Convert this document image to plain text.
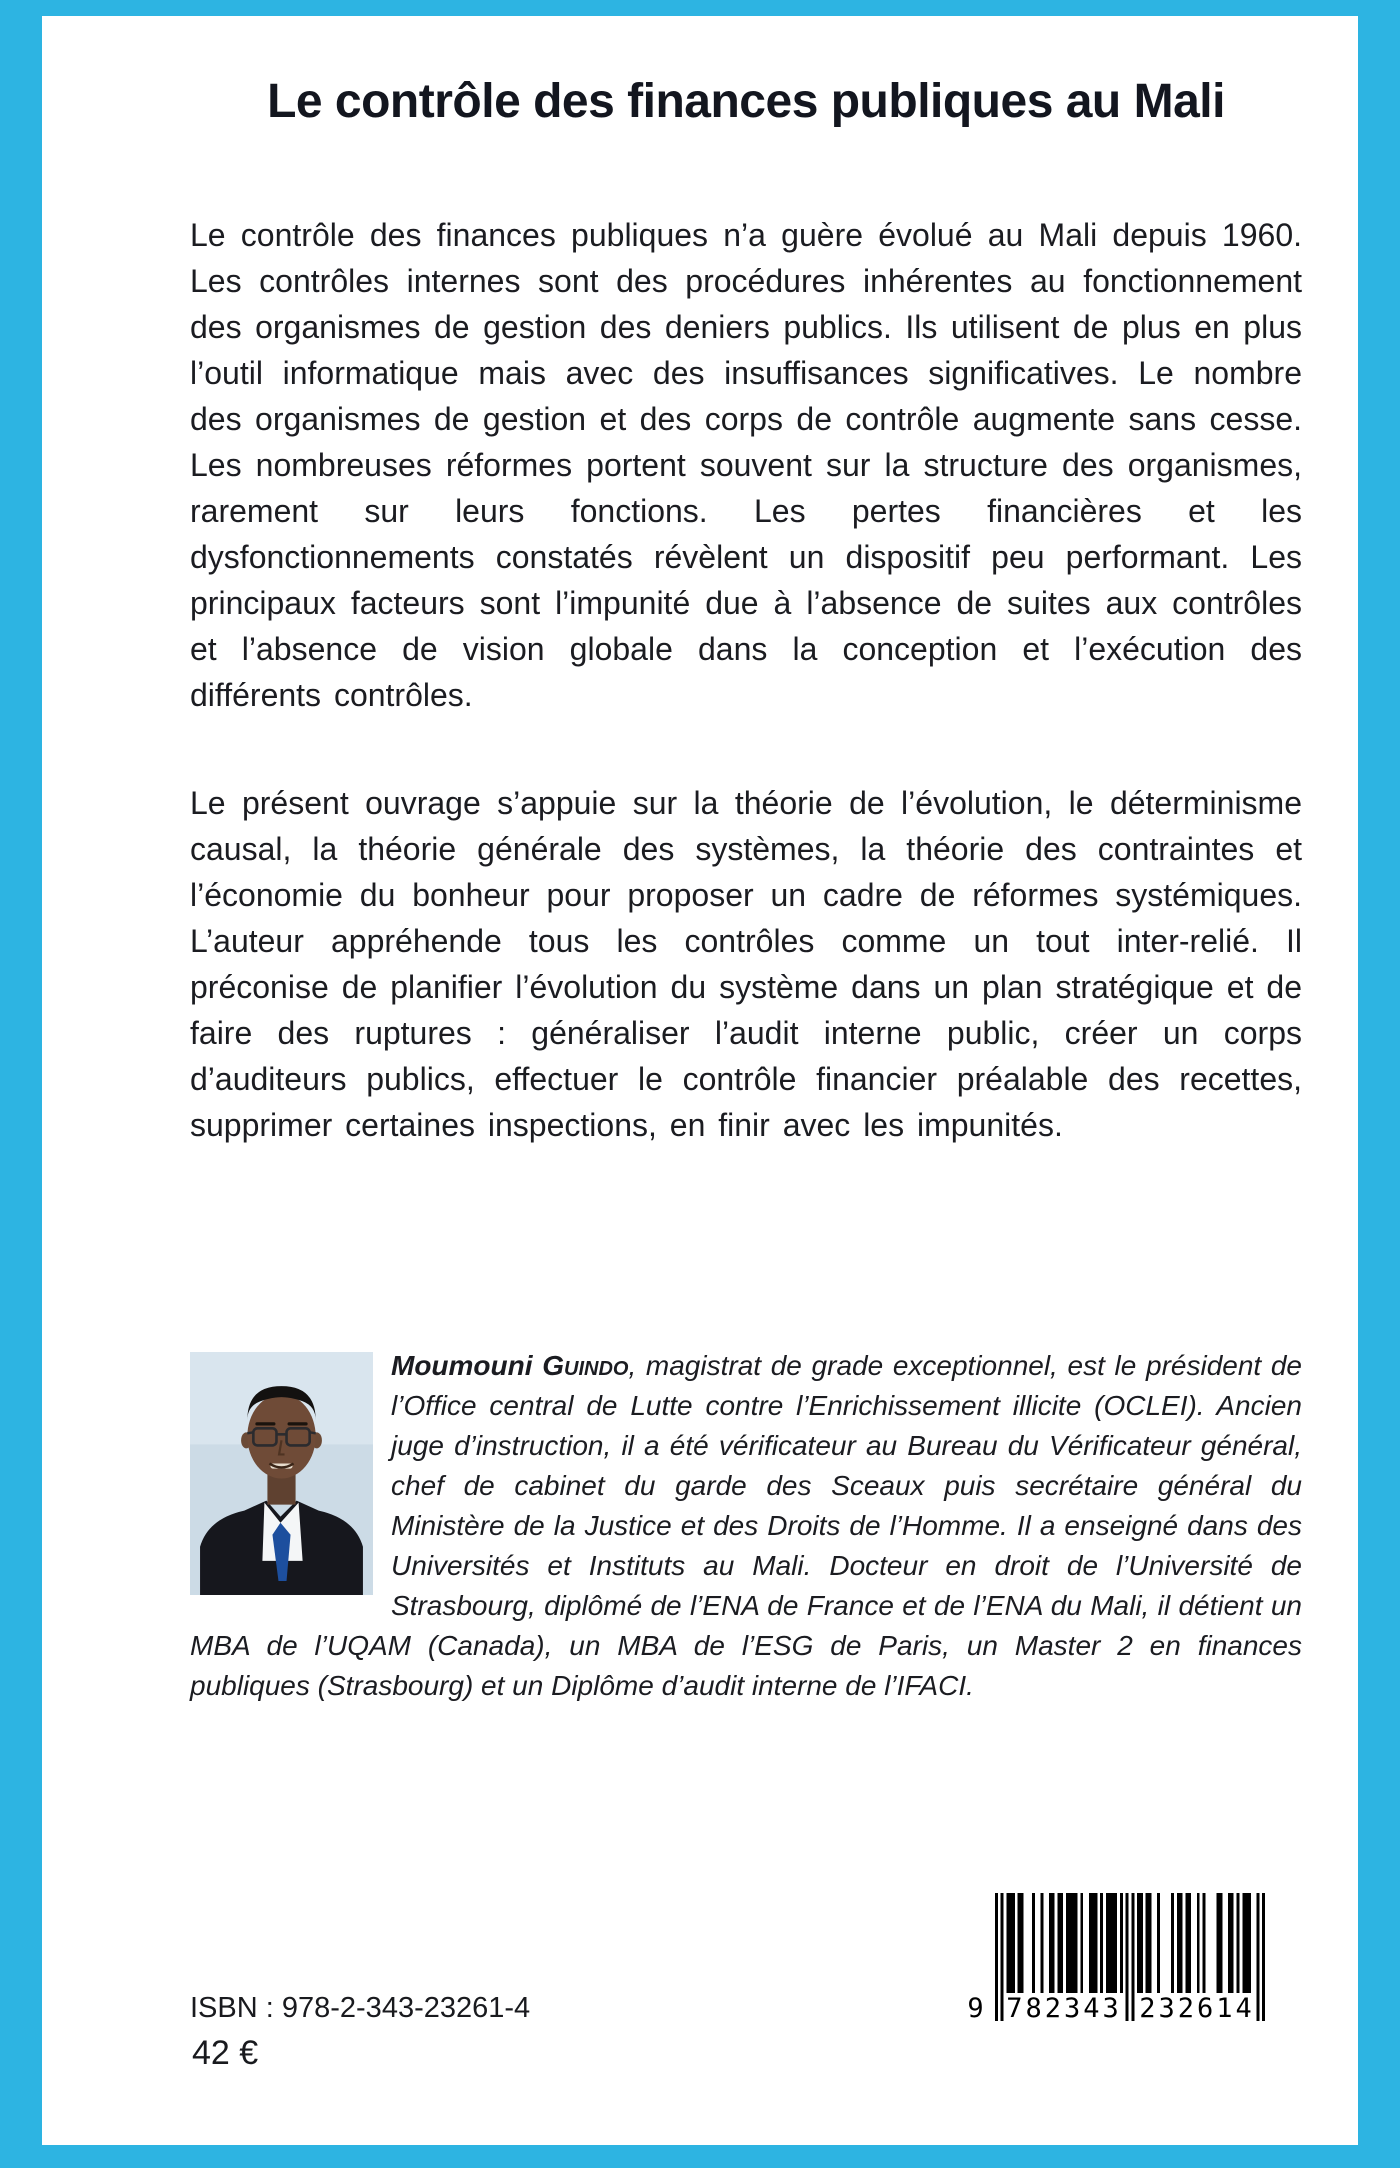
Le contrôle des finances publiques au Mali

Le contrôle des finances publiques n’a guère évolué au Mali depuis 1960. Les contrôles internes sont des procédures inhérentes au fonctionnement des organismes de gestion des deniers publics. Ils utilisent de plus en plus l’outil informatique mais avec des insuffisances significatives. Le nombre des organismes de gestion et des corps de contrôle augmente sans cesse. Les nombreuses réformes portent souvent sur la structure des organismes, rarement sur leurs fonctions. Les pertes financières et les dysfonctionnements constatés révèlent un dispositif peu performant. Les principaux facteurs sont l’impunité due à l’absence de suites aux contrôles et l’absence de vision globale dans la conception et l’exécution des différents contrôles.

Le présent ouvrage s’appuie sur la théorie de l’évolution, le déterminisme causal, la théorie générale des systèmes, la théorie des contraintes et l’économie du bonheur pour proposer un cadre de réformes systémiques. L’auteur appréhende tous les contrôles comme un tout inter-relié. Il préconise de planifier l’évolution du système dans un plan stratégique et de faire des ruptures : généraliser l’audit interne public, créer un corps d’auditeurs publics, effectuer le contrôle financier préalable des recettes, supprimer certaines inspections, en finir avec les impunités.

Moumouni Guindo, magistrat de grade exceptionnel, est le président de l’Office central de Lutte contre l’Enrichissement illicite (OCLEI). Ancien juge d’instruction, il a été vérificateur au Bureau du Vérificateur général, chef de cabinet du garde des Sceaux puis secrétaire général du Ministère de la Justice et des Droits de l’Homme. Il a enseigné dans des Universités et Instituts au Mali. Docteur en droit de l’Université de Strasbourg, diplômé de l’ENA de France et de l’ENA du Mali, il détient un MBA de l’UQAM (Canada), un MBA de l’ESG de Paris, un Master 2 en finances publiques (Strasbourg) et un Diplôme d’audit interne de l’IFACI.
ISBN : 978-2-343-23261-4
42 €
9 782343 232614
